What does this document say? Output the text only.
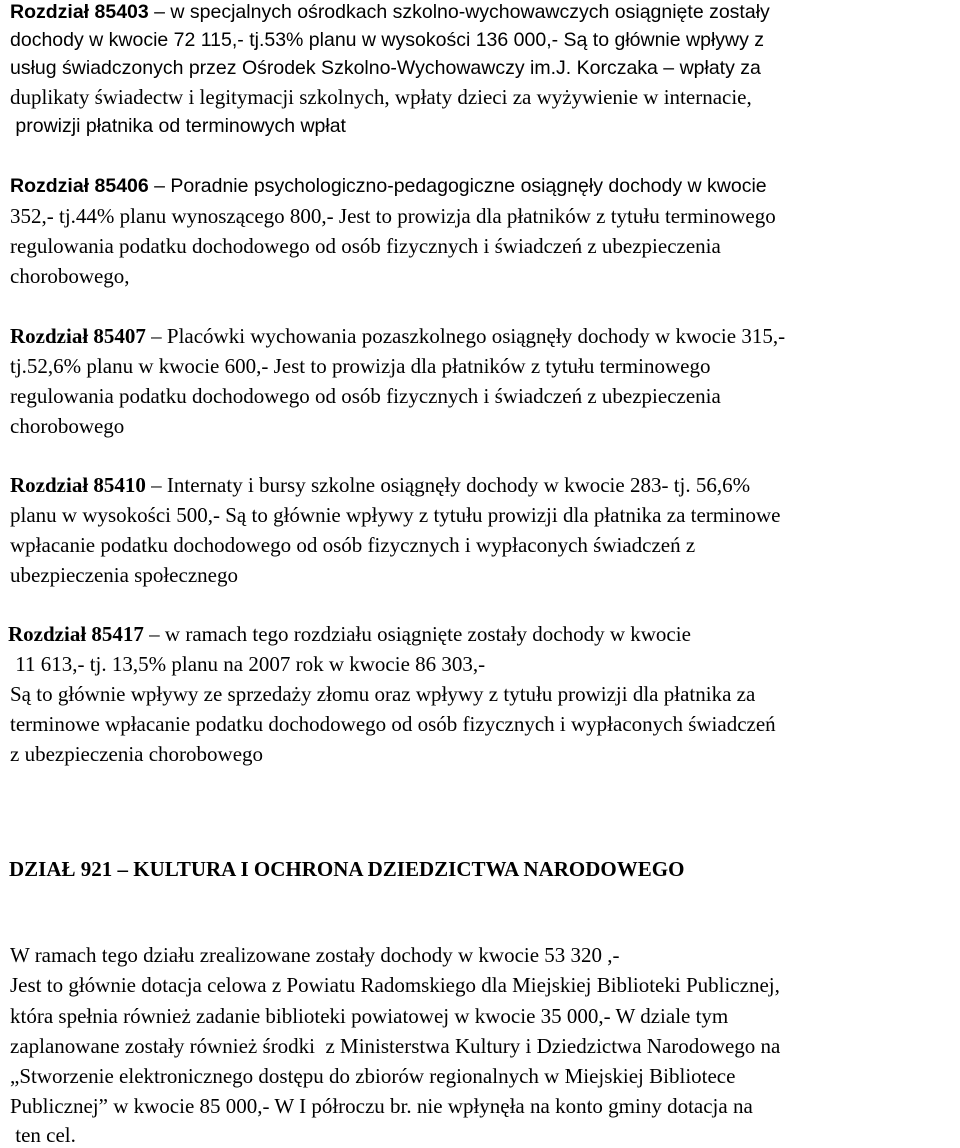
Rozdział 85403 – w specjalnych ośrodkach szkolno-wychowawczych osiągnięte zostały
dochody w kwocie 72 115,- tj.53% planu w wysokości 136 000,- Są to głównie wpływy z
usług świadczonych przez Ośrodek Szkolno-Wychowawczy im.J. Korczaka – wpłaty za
duplikaty świadectw i legitymacji szkolnych, wpłaty dzieci za wyżywienie w internacie,
prowizji płatnika od terminowych wpłat
Rozdział 85406 – Poradnie psychologiczno-pedagogiczne osiągnęły dochody w kwocie
352,- tj.44% planu wynoszącego 800,- Jest to prowizja dla płatników z tytułu terminowego
regulowania podatku dochodowego od osób fizycznych i świadczeń z ubezpieczenia
chorobowego,
Rozdział 85407 – Placówki wychowania pozaszkolnego osiągnęły dochody w kwocie 315,-
tj.52,6% planu w kwocie 600,- Jest to prowizja dla płatników z tytułu terminowego
regulowania podatku dochodowego od osób fizycznych i świadczeń z ubezpieczenia
chorobowego
Rozdział 85410 – Internaty i bursy szkolne osiągnęły dochody w kwocie 283- tj. 56,6%
planu w wysokości 500,- Są to głównie wpływy z tytułu prowizji dla płatnika za terminowe
wpłacanie podatku dochodowego od osób fizycznych i wypłaconych świadczeń z
ubezpieczenia społecznego
Rozdział 85417 – w ramach tego rozdziału osiągnięte zostały dochody w kwocie
11 613,- tj. 13,5% planu na 2007 rok w kwocie 86 303,-
Są to głównie wpływy ze sprzedaży złomu oraz wpływy z tytułu prowizji dla płatnika za
terminowe wpłacanie podatku dochodowego od osób fizycznych i wypłaconych świadczeń
z ubezpieczenia chorobowego
DZIAŁ 921 – KULTURA I OCHRONA DZIEDZICTWA NARODOWEGO
W ramach tego działu zrealizowane zostały dochody w kwocie 53 320 ,-
Jest to głównie dotacja celowa z Powiatu Radomskiego dla Miejskiej Biblioteki Publicznej,
która spełnia również zadanie biblioteki powiatowej w kwocie 35 000,- W dziale tym
zaplanowane zostały również środki  z Ministerstwa Kultury i Dziedzictwa Narodowego na
„Stworzenie elektronicznego dostępu do zbiorów regionalnych w Miejskiej Bibliotece
Publicznej” w kwocie 85 000,- W I półroczu br. nie wpłynęła na konto gminy dotacja na
ten cel.
